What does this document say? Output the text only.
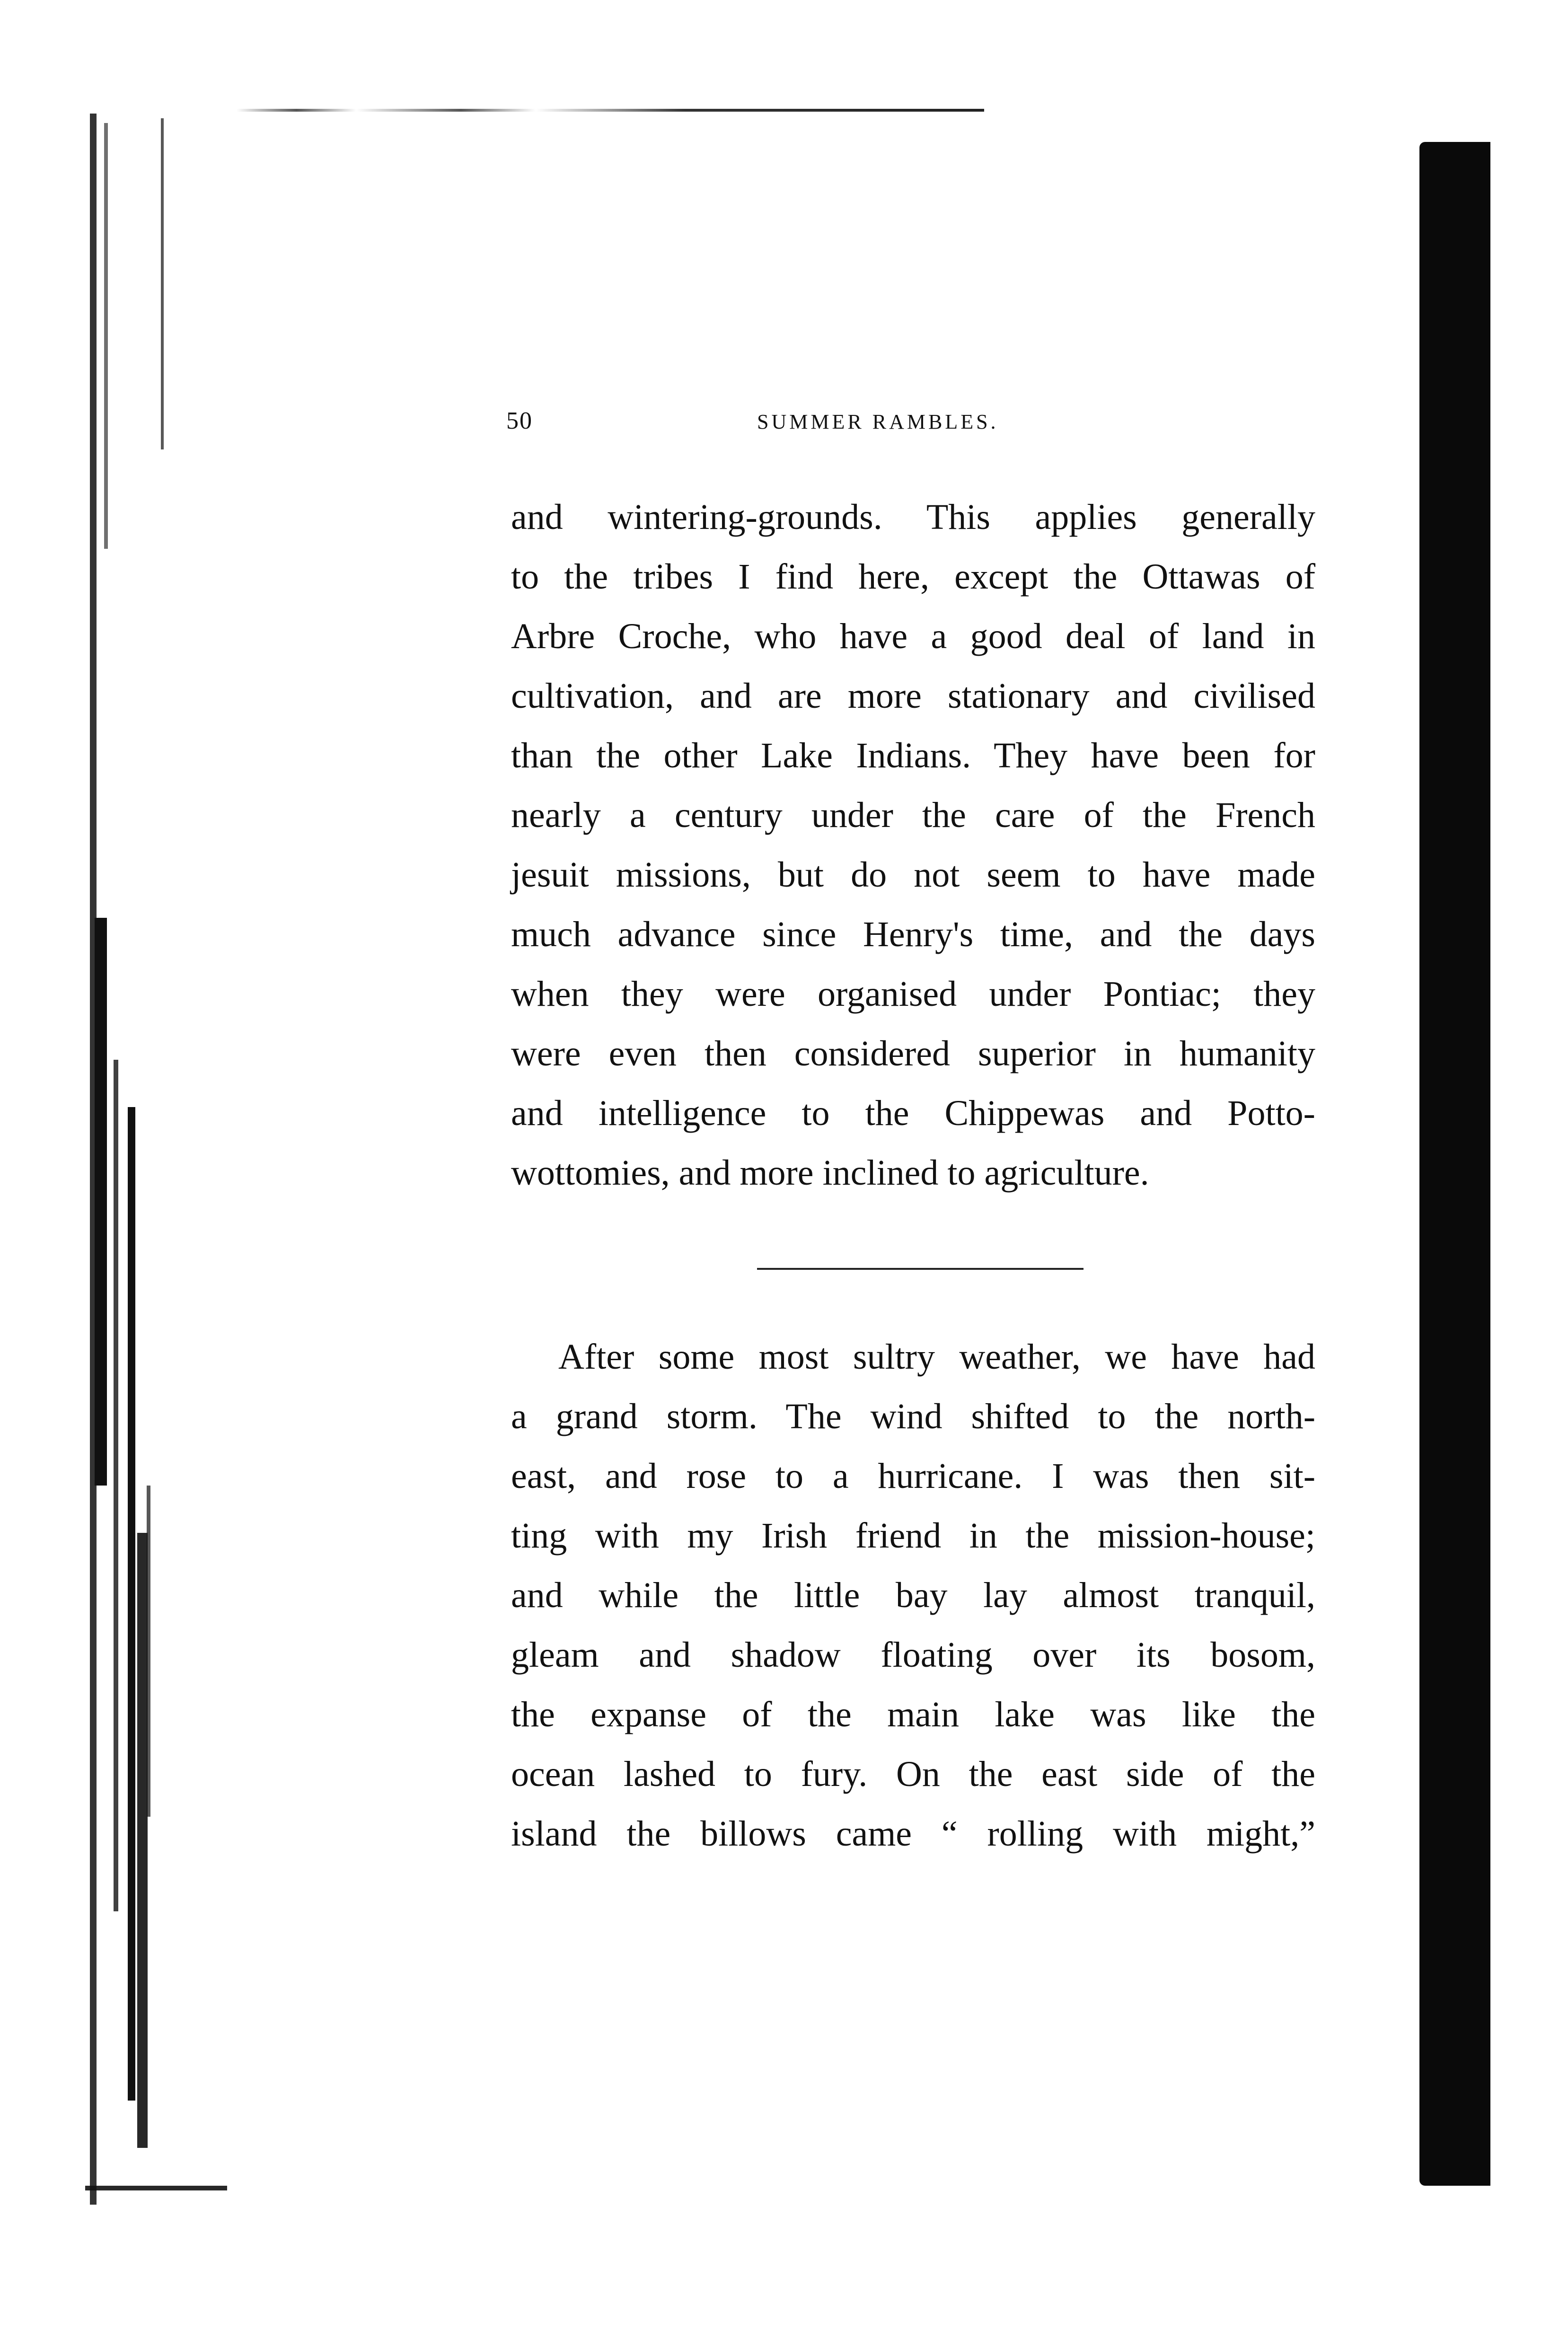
50	SUMMER RAMBLES.
and wintering-grounds. This applies generally
to the tribes I find here, except the Ottawas of
Arbre Croche, who have a good deal of land in
cultivation, and are more stationary and civilised
than the other Lake Indians. They have been for
nearly a century under the care of the French
jesuit missions, but do not seem to have made
much advance since Henry's time, and the days
when they were organised under Pontiac; they
were even then considered superior in humanity
and intelligence to the Chippewas and Potto-
wottomies, and more inclined to agriculture.
After some most sultry weather, we have had
a grand storm. The wind shifted to the north-
east, and rose to a hurricane. I was then sit-
ting with my Irish friend in the mission-house;
and while the little bay lay almost tranquil,
gleam and shadow floating over its bosom,
the expanse of the main lake was like the
ocean lashed to fury. On the east side of the
island the billows came “ rolling with might,”
